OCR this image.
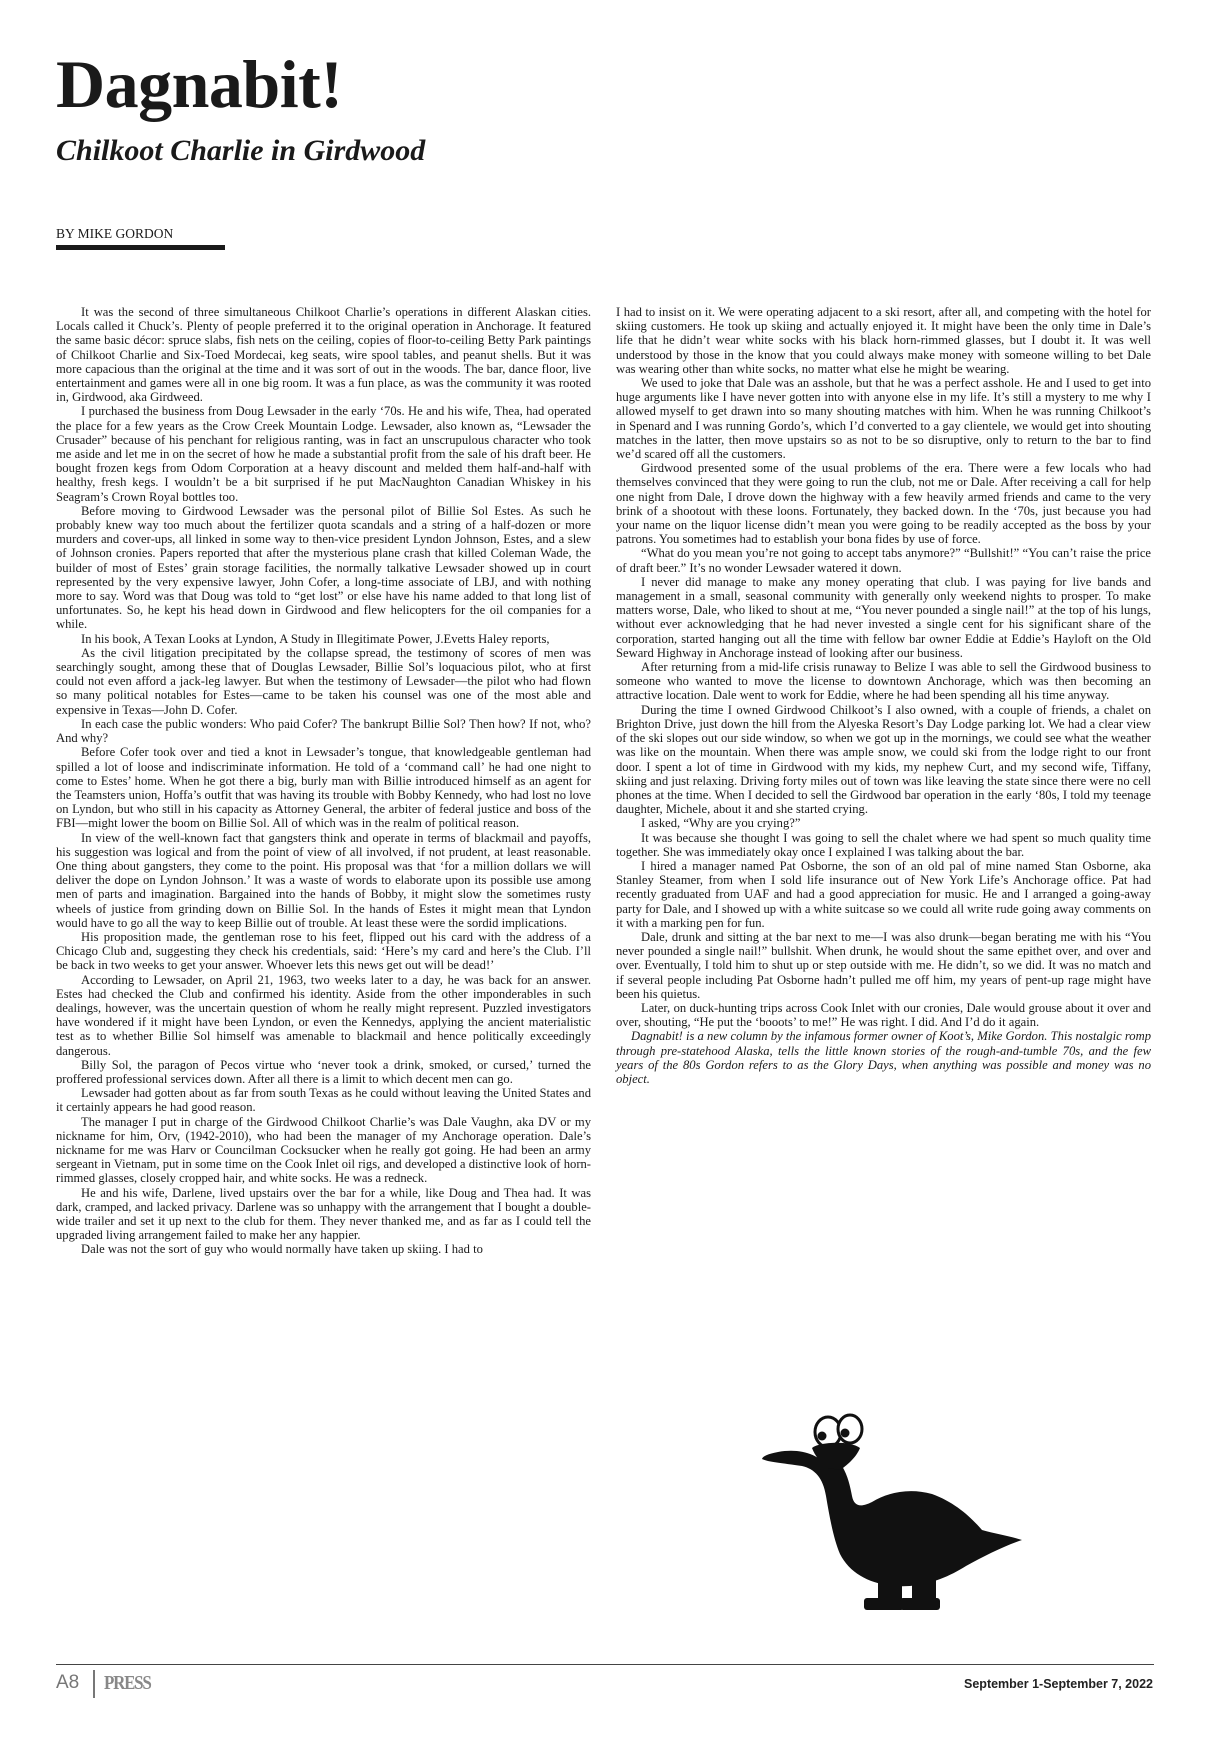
Dagnabit!
Chilkoot Charlie in Girdwood
BY MIKE GORDON

It was the second of three simultaneous Chilkoot Charlie’s operations in different Alaskan cities. Locals called it Chuck’s. Plenty of people preferred it to the original operation in Anchorage. It featured the same basic décor: spruce slabs, fish nets on the ceiling, copies of floor-to-ceiling Betty Park paintings of Chilkoot Charlie and Six-Toed Mordecai, keg seats, wire spool tables, and peanut shells. But it was more capacious than the original at the time and it was sort of out in the woods. The bar, dance floor, live entertainment and games were all in one big room. It was a fun place, as was the community it was rooted in, Girdwood, aka Girdweed.

I purchased the business from Doug Lewsader in the early ‘70s. He and his wife, Thea, had operated the place for a few years as the Crow Creek Mountain Lodge. Lewsader, also known as, “Lewsader the Crusader” because of his penchant for religious ranting, was in fact an unscrupulous character who took me aside and let me in on the secret of how he made a substantial profit from the sale of his draft beer. He bought frozen kegs from Odom Corporation at a heavy discount and melded them half-and-half with healthy, fresh kegs. I wouldn’t be a bit surprised if he put MacNaughton Canadian Whiskey in his Seagram’s Crown Royal bottles too.

Before moving to Girdwood Lewsader was the personal pilot of Billie Sol Estes. As such he probably knew way too much about the fertilizer quota scandals and a string of a half-dozen or more murders and cover-ups, all linked in some way to then-vice president Lyndon Johnson, Estes, and a slew of Johnson cronies. Papers reported that after the mysterious plane crash that killed Coleman Wade, the builder of most of Estes’ grain storage facilities, the normally talkative Lewsader showed up in court represented by the very expensive lawyer, John Cofer, a long-time associate of LBJ, and with nothing more to say. Word was that Doug was told to “get lost” or else have his name added to that long list of unfortunates. So, he kept his head down in Girdwood and flew helicopters for the oil companies for a while.

In his book, A Texan Looks at Lyndon, A Study in Illegitimate Power, J.Evetts Haley reports,

As the civil litigation precipitated by the collapse spread, the testimony of scores of men was searchingly sought, among these that of Douglas Lewsader, Billie Sol’s loquacious pilot, who at first could not even afford a jack-leg lawyer. But when the testimony of Lewsader—the pilot who had flown so many political notables for Estes—came to be taken his counsel was one of the most able and expensive in Texas—John D. Cofer.

In each case the public wonders: Who paid Cofer? The bankrupt Billie Sol? Then how? If not, who? And why?

Before Cofer took over and tied a knot in Lewsader’s tongue, that knowledgeable gentleman had spilled a lot of loose and indiscriminate information. He told of a ‘command call’ he had one night to come to Estes’ home. When he got there a big, burly man with Billie introduced himself as an agent for the Teamsters union, Hoffa’s outfit that was having its trouble with Bobby Kennedy, who had lost no love on Lyndon, but who still in his capacity as Attorney General, the arbiter of federal justice and boss of the FBI—might lower the boom on Billie Sol. All of which was in the realm of political reason.

In view of the well-known fact that gangsters think and operate in terms of blackmail and payoffs, his suggestion was logical and from the point of view of all involved, if not prudent, at least reasonable. One thing about gangsters, they come to the point. His proposal was that ‘for a million dollars we will deliver the dope on Lyndon Johnson.’ It was a waste of words to elaborate upon its possible use among men of parts and imagination. Bargained into the hands of Bobby, it might slow the sometimes rusty wheels of justice from grinding down on Billie Sol. In the hands of Estes it might mean that Lyndon would have to go all the way to keep Billie out of trouble. At least these were the sordid implications.

His proposition made, the gentleman rose to his feet, flipped out his card with the address of a Chicago Club and, suggesting they check his credentials, said: ‘Here’s my card and here’s the Club. I’ll be back in two weeks to get your answer. Whoever lets this news get out will be dead!’

According to Lewsader, on April 21, 1963, two weeks later to a day, he was back for an answer. Estes had checked the Club and confirmed his identity. Aside from the other imponderables in such dealings, however, was the uncertain question of whom he really might represent. Puzzled investigators have wondered if it might have been Lyndon, or even the Kennedys, applying the ancient materialistic test as to whether Billie Sol himself was amenable to blackmail and hence politically exceedingly dangerous.

Billy Sol, the paragon of Pecos virtue who ‘never took a drink, smoked, or cursed,’ turned the proffered professional services down. After all there is a limit to which decent men can go.

Lewsader had gotten about as far from south Texas as he could without leaving the United States and it certainly appears he had good reason.

The manager I put in charge of the Girdwood Chilkoot Charlie’s was Dale Vaughn, aka DV or my nickname for him, Orv, (1942-2010), who had been the manager of my Anchorage operation. Dale’s nickname for me was Harv or Councilman Cocksucker when he really got going. He had been an army sergeant in Vietnam, put in some time on the Cook Inlet oil rigs, and developed a distinctive look of horn-rimmed glasses, closely cropped hair, and white socks. He was a redneck.

He and his wife, Darlene, lived upstairs over the bar for a while, like Doug and Thea had. It was dark, cramped, and lacked privacy. Darlene was so unhappy with the arrangement that I bought a double-wide trailer and set it up next to the club for them. They never thanked me, and as far as I could tell the upgraded living arrangement failed to make her any happier.

Dale was not the sort of guy who would normally have taken up skiing. I had to

I had to insist on it. We were operating adjacent to a ski resort, after all, and competing with the hotel for skiing customers. He took up skiing and actually enjoyed it. It might have been the only time in Dale’s life that he didn’t wear white socks with his black horn-rimmed glasses, but I doubt it. It was well understood by those in the know that you could always make money with someone willing to bet Dale was wearing other than white socks, no matter what else he might be wearing.

We used to joke that Dale was an asshole, but that he was a perfect asshole. He and I used to get into huge arguments like I have never gotten into with anyone else in my life. It’s still a mystery to me why I allowed myself to get drawn into so many shouting matches with him. When he was running Chilkoot’s in Spenard and I was running Gordo’s, which I’d converted to a gay clientele, we would get into shouting matches in the latter, then move upstairs so as not to be so disruptive, only to return to the bar to find we’d scared off all the customers.

Girdwood presented some of the usual problems of the era. There were a few locals who had themselves convinced that they were going to run the club, not me or Dale. After receiving a call for help one night from Dale, I drove down the highway with a few heavily armed friends and came to the very brink of a shootout with these loons. Fortunately, they backed down. In the ‘70s, just because you had your name on the liquor license didn’t mean you were going to be readily accepted as the boss by your patrons. You sometimes had to establish your bona fides by use of force.

“What do you mean you’re not going to accept tabs anymore?” “Bullshit!” “You can’t raise the price of draft beer.” It’s no wonder Lewsader watered it down.

I never did manage to make any money operating that club. I was paying for live bands and management in a small, seasonal community with generally only weekend nights to prosper. To make matters worse, Dale, who liked to shout at me, “You never pounded a single nail!” at the top of his lungs, without ever acknowledging that he had never invested a single cent for his significant share of the corporation, started hanging out all the time with fellow bar owner Eddie at Eddie’s Hayloft on the Old Seward Highway in Anchorage instead of looking after our business.

After returning from a mid-life crisis runaway to Belize I was able to sell the Girdwood business to someone who wanted to move the license to downtown Anchorage, which was then becoming an attractive location. Dale went to work for Eddie, where he had been spending all his time anyway.

During the time I owned Girdwood Chilkoot’s I also owned, with a couple of friends, a chalet on Brighton Drive, just down the hill from the Alyeska Resort’s Day Lodge parking lot. We had a clear view of the ski slopes out our side window, so when we got up in the mornings, we could see what the weather was like on the mountain. When there was ample snow, we could ski from the lodge right to our front door. I spent a lot of time in Girdwood with my kids, my nephew Curt, and my second wife, Tiffany, skiing and just relaxing. Driving forty miles out of town was like leaving the state since there were no cell phones at the time. When I decided to sell the Girdwood bar operation in the early ‘80s, I told my teenage daughter, Michele, about it and she started crying.

I asked, “Why are you crying?”

It was because she thought I was going to sell the chalet where we had spent so much quality time together. She was immediately okay once I explained I was talking about the bar.

I hired a manager named Pat Osborne, the son of an old pal of mine named Stan Osborne, aka Stanley Steamer, from when I sold life insurance out of New York Life’s Anchorage office. Pat had recently graduated from UAF and had a good appreciation for music. He and I arranged a going-away party for Dale, and I showed up with a white suitcase so we could all write rude going away comments on it with a marking pen for fun.

Dale, drunk and sitting at the bar next to me—I was also drunk—began berating me with his “You never pounded a single nail!” bullshit. When drunk, he would shout the same epithet over, and over and over. Eventually, I told him to shut up or step outside with me. He didn’t, so we did. It was no match and if several people including Pat Osborne hadn’t pulled me off him, my years of pent-up rage might have been his quietus.

Later, on duck-hunting trips across Cook Inlet with our cronies, Dale would grouse about it over and over, shouting, “He put the ‘booots’ to me!” He was right. I did. And I’d do it again.

Dagnabit! is a new column by the infamous former owner of Koot’s, Mike Gordon. This nostalgic romp through pre-statehood Alaska, tells the little known stories of the rough-and-tumble 70s, and the few years of the 80s Gordon refers to as the Glory Days, when anything was possible and money was no object.

A8 PRESS	September 1-September 7, 2022
